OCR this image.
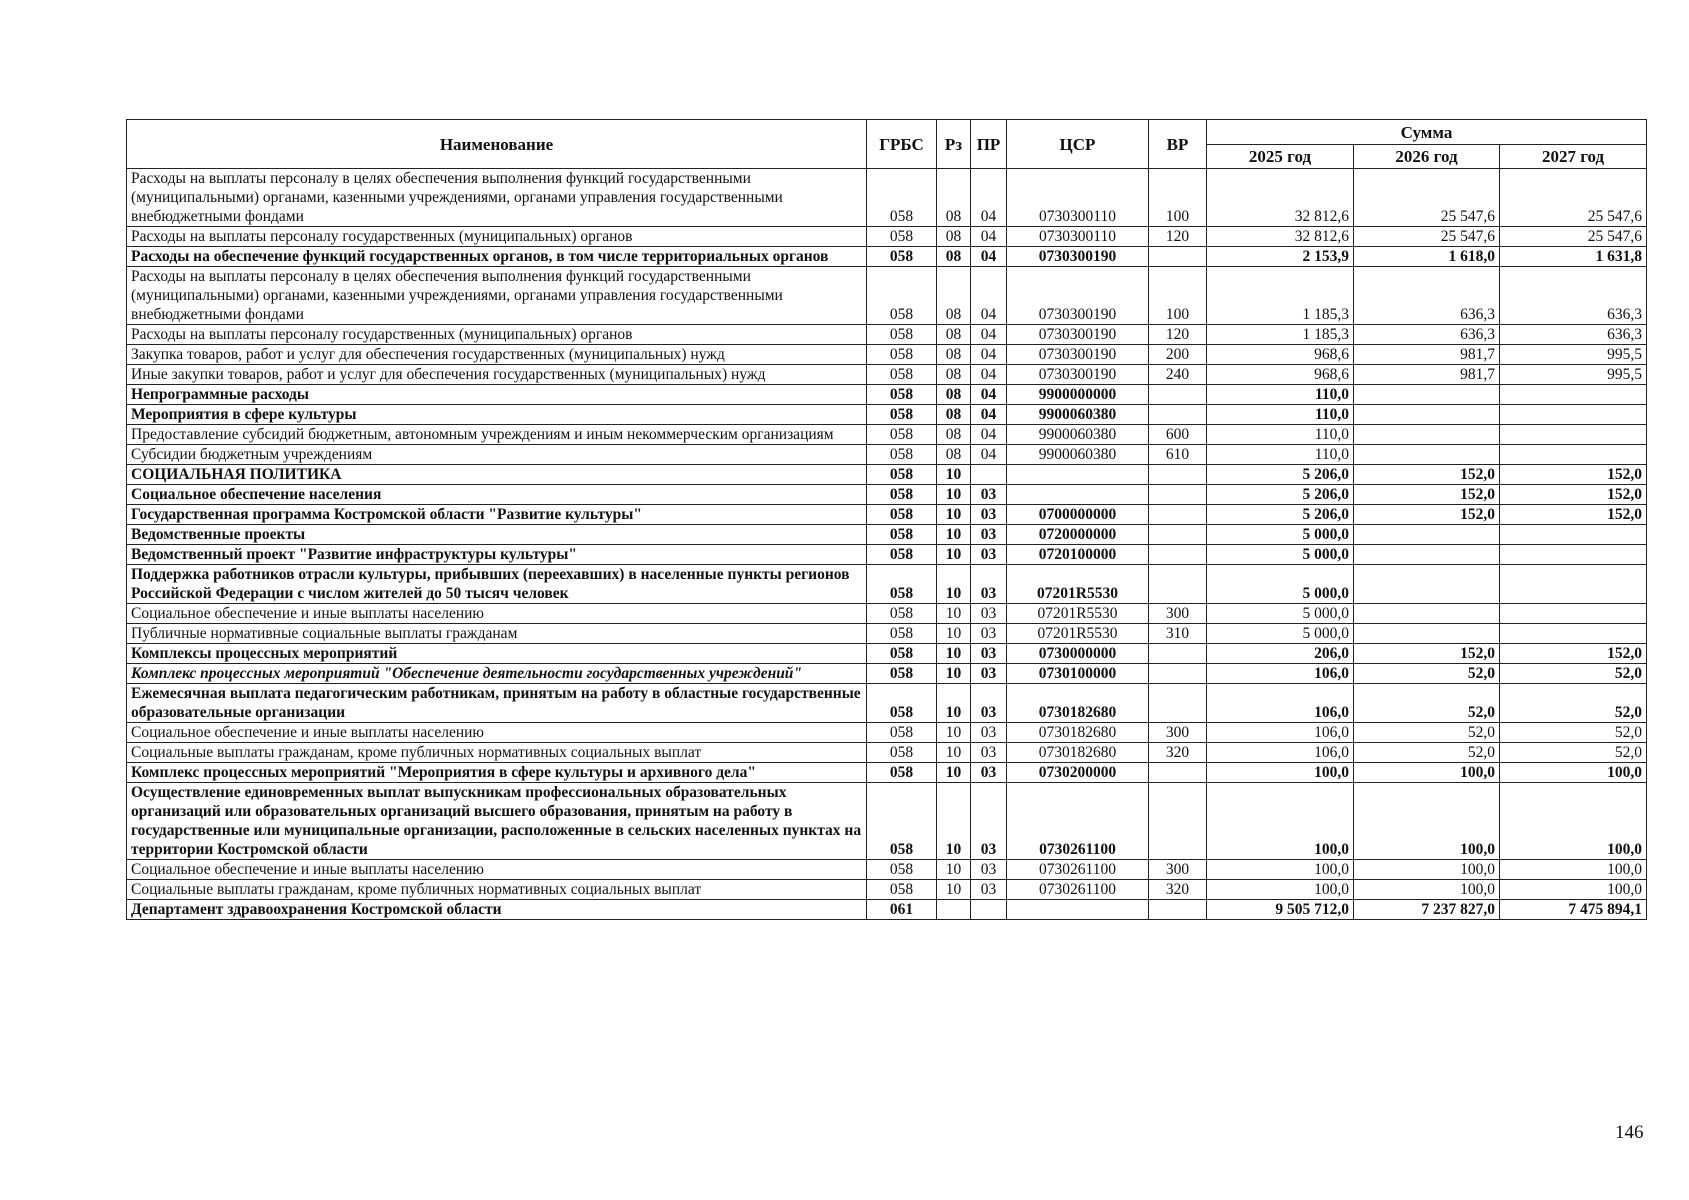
Наименование	ГРБС	Рз	ПР	ЦСР	ВР	Сумма		
						2025 год	2026 год	2027 год
Расходы на выплаты персоналу в целях обеспечения выполнения функций государственными (муниципальными) органами, казенными учреждениями, органами управления государственными внебюджетными фондами	058	08	04	0730300110	100	32 812,6	25 547,6	25 547,6
Расходы на выплаты персоналу государственных (муниципальных) органов	058	08	04	0730300110	120	32 812,6	25 547,6	25 547,6
Расходы на обеспечение функций государственных органов, в том числе территориальных органов	058	08	04	0730300190		2 153,9	1 618,0	1 631,8
Расходы на выплаты персоналу в целях обеспечения выполнения функций государственными (муниципальными) органами, казенными учреждениями, органами управления государственными внебюджетными фондами	058	08	04	0730300190	100	1 185,3	636,3	636,3
Расходы на выплаты персоналу государственных (муниципальных) органов	058	08	04	0730300190	120	1 185,3	636,3	636,3
Закупка товаров, работ и услуг для обеспечения государственных (муниципальных) нужд	058	08	04	0730300190	200	968,6	981,7	995,5
Иные закупки товаров, работ и услуг для обеспечения государственных (муниципальных) нужд	058	08	04	0730300190	240	968,6	981,7	995,5
Непрограммные расходы	058	08	04	9900000000		110,0		
Мероприятия в сфере культуры	058	08	04	9900060380		110,0		
Предоставление субсидий бюджетным, автономным учреждениям и иным некоммерческим организациям	058	08	04	9900060380	600	110,0		
Субсидии бюджетным учреждениям	058	08	04	9900060380	610	110,0		
СОЦИАЛЬНАЯ ПОЛИТИКА	058	10				5 206,0	152,0	152,0
Социальное обеспечение населения	058	10	03			5 206,0	152,0	152,0
Государственная программа Костромской области "Развитие культуры"	058	10	03	0700000000		5 206,0	152,0	152,0
Ведомственные проекты	058	10	03	0720000000		5 000,0		
Ведомственный проект "Развитие инфраструктуры культуры"	058	10	03	0720100000		5 000,0		
Поддержка работников отрасли культуры, прибывших (переехавших) в населенные пункты регионов Российской Федерации с числом жителей до 50 тысяч человек	058	10	03	07201R5530		5 000,0		
Социальное обеспечение и иные выплаты населению	058	10	03	07201R5530	300	5 000,0		
Публичные нормативные социальные выплаты гражданам	058	10	03	07201R5530	310	5 000,0		
Комплексы процессных мероприятий	058	10	03	0730000000		206,0	152,0	152,0
Комплекс процессных мероприятий "Обеспечение деятельности государственных учреждений"	058	10	03	0730100000		106,0	52,0	52,0
Ежемесячная выплата педагогическим работникам, принятым на работу в областные государственные образовательные организации	058	10	03	0730182680		106,0	52,0	52,0
Социальное обеспечение и иные выплаты населению	058	10	03	0730182680	300	106,0	52,0	52,0
Социальные выплаты гражданам, кроме публичных нормативных социальных выплат	058	10	03	0730182680	320	106,0	52,0	52,0
Комплекс процессных мероприятий "Мероприятия в сфере культуры и архивного дела"	058	10	03	0730200000		100,0	100,0	100,0
Осуществление единовременных выплат выпускникам профессиональных образовательных организаций или образовательных организаций высшего образования, принятым на работу в государственные или муниципальные организации, расположенные в сельских населенных пунктах на территории Костромской области	058	10	03	0730261100		100,0	100,0	100,0
Социальное обеспечение и иные выплаты населению	058	10	03	0730261100	300	100,0	100,0	100,0
Социальные выплаты гражданам, кроме публичных нормативных социальных выплат	058	10	03	0730261100	320	100,0	100,0	100,0
Департамент здравоохранения Костромской области	061					9 505 712,0	7 237 827,0	7 475 894,1
146
